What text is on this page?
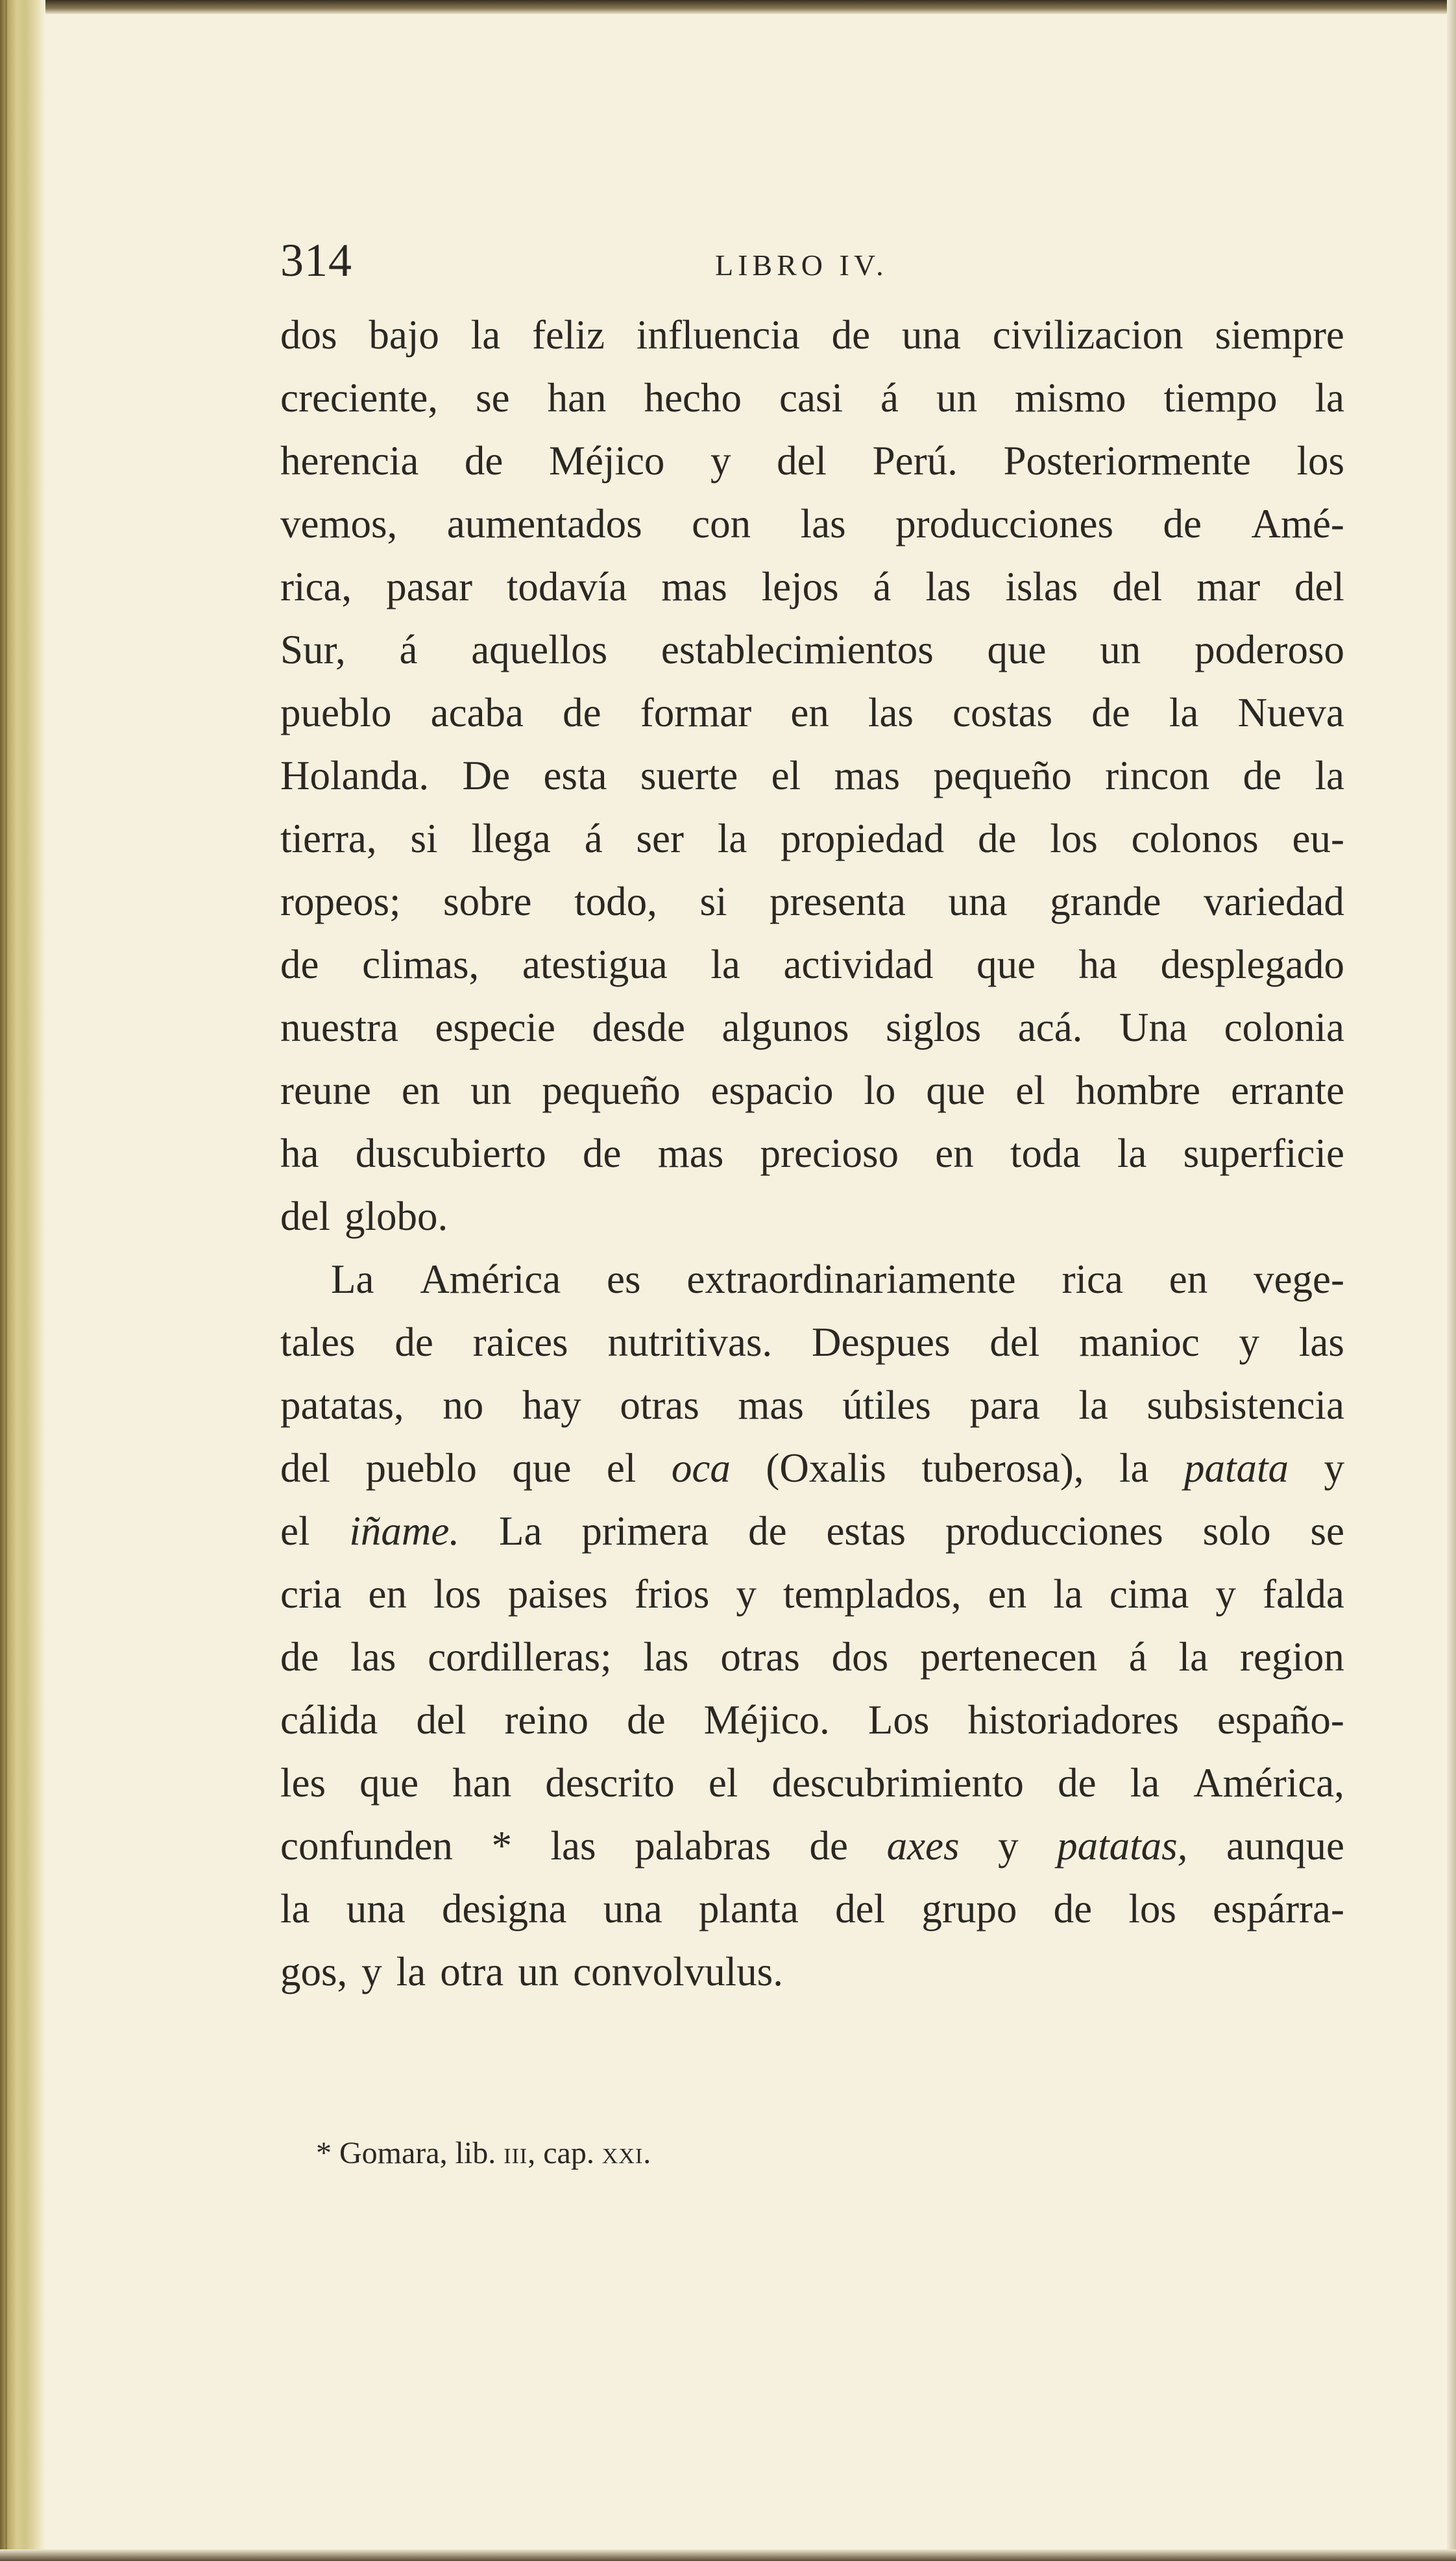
314	LIBRO IV.
dos bajo la feliz influencia de una civilizacion siempre
creciente, se han hecho casi á un mismo tiempo la
herencia de Méjico y del Perú. Posteriormente los
vemos, aumentados con las producciones de Amé-
rica, pasar todavía mas lejos á las islas del mar del
Sur, á aquellos establecimientos que un poderoso
pueblo acaba de formar en las costas de la Nueva
Holanda. De esta suerte el mas pequeño rincon de la
tierra, si llega á ser la propiedad de los colonos eu-
ropeos; sobre todo, si presenta una grande variedad
de climas, atestigua la actividad que ha desplegado
nuestra especie desde algunos siglos acá. Una colonia
reune en un pequeño espacio lo que el hombre errante
ha duscubierto de mas precioso en toda la superficie
del globo.
La América es extraordinariamente rica en vege-
tales de raices nutritivas. Despues del manioc y las
patatas, no hay otras mas útiles para la subsistencia
del pueblo que el oca (Oxalis tuberosa), la patata y
el iñame. La primera de estas producciones solo se
cria en los paises frios y templados, en la cima y falda
de las cordilleras; las otras dos pertenecen á la region
cálida del reino de Méjico. Los historiadores españo-
les que han descrito el descubrimiento de la América,
confunden * las palabras de axes y patatas, aunque
la una designa una planta del grupo de los espárra-
gos, y la otra un convolvulus.
* Gomara, lib. iii, cap. xxi.
